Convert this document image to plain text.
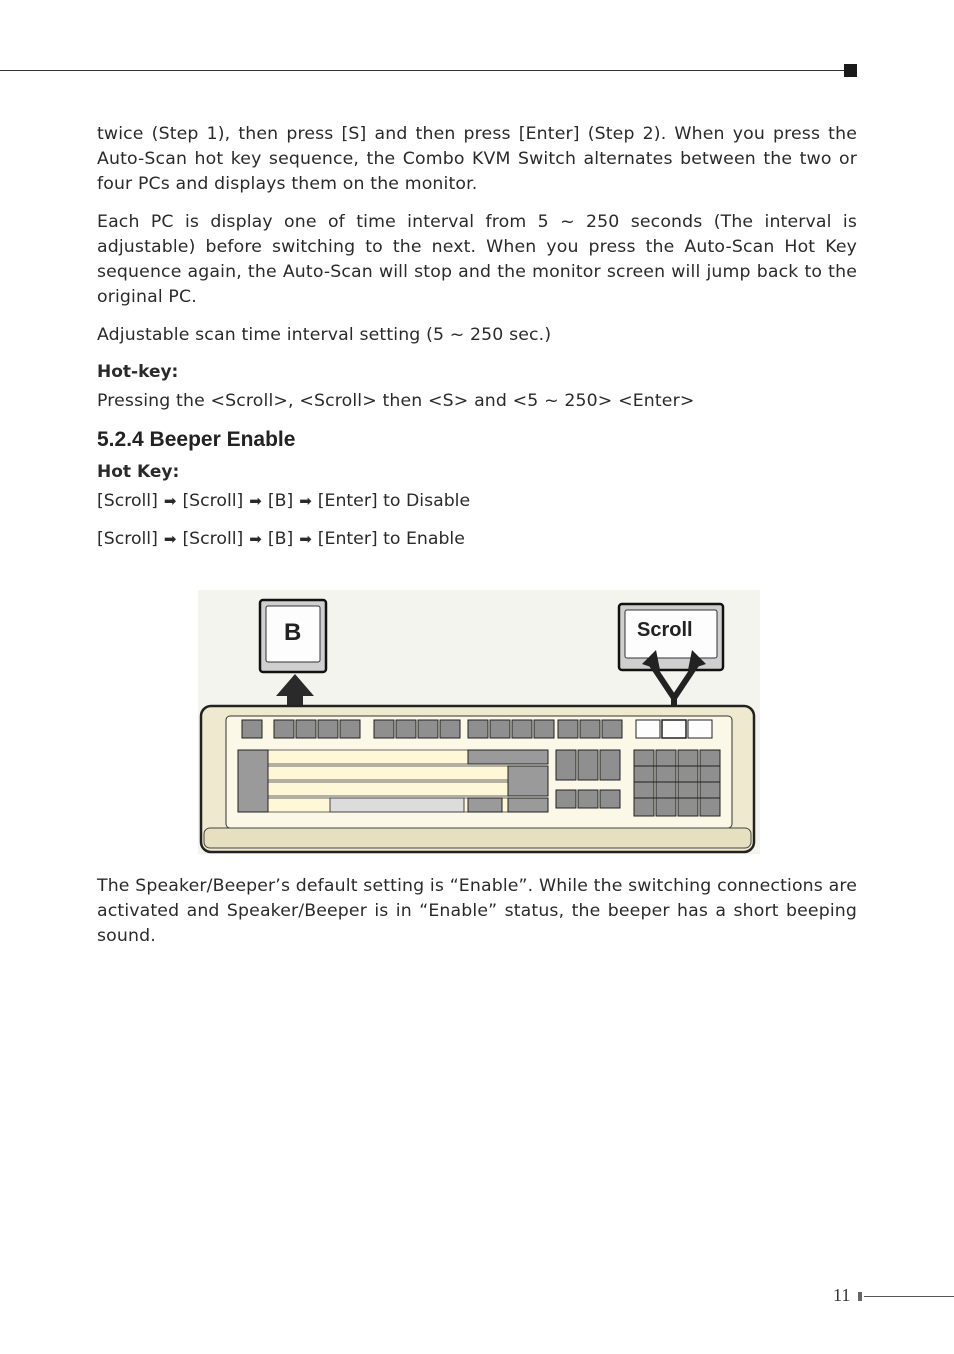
twice (Step 1), then press [S] and then press [Enter] (Step 2). When you press the Auto-Scan hot key sequence, the Combo KVM Switch alternates between the two or four PCs and displays them on the monitor.

Each PC is display one of time interval from 5 ~ 250 seconds (The interval is adjustable) before switching to the next. When you press the Auto-Scan Hot Key sequence again, the Auto-Scan will stop and the monitor screen will jump back to the original PC.

Adjustable scan time interval setting (5 ~ 250 sec.)

Hot-key:

Pressing the <Scroll>, <Scroll> then <S> and <5 ~ 250> <Enter>

5.2.4 Beeper Enable

Hot Key:

[Scroll] ➡ [Scroll] ➡ [B] ➡ [Enter] to Disable

[Scroll] ➡ [Scroll] ➡ [B] ➡ [Enter] to Enable

B	Scroll

The Speaker/Beeper’s default setting is “Enable”. While the switching connections are activated and Speaker/Beeper is in “Enable” status, the beeper has a short beeping sound.

11
